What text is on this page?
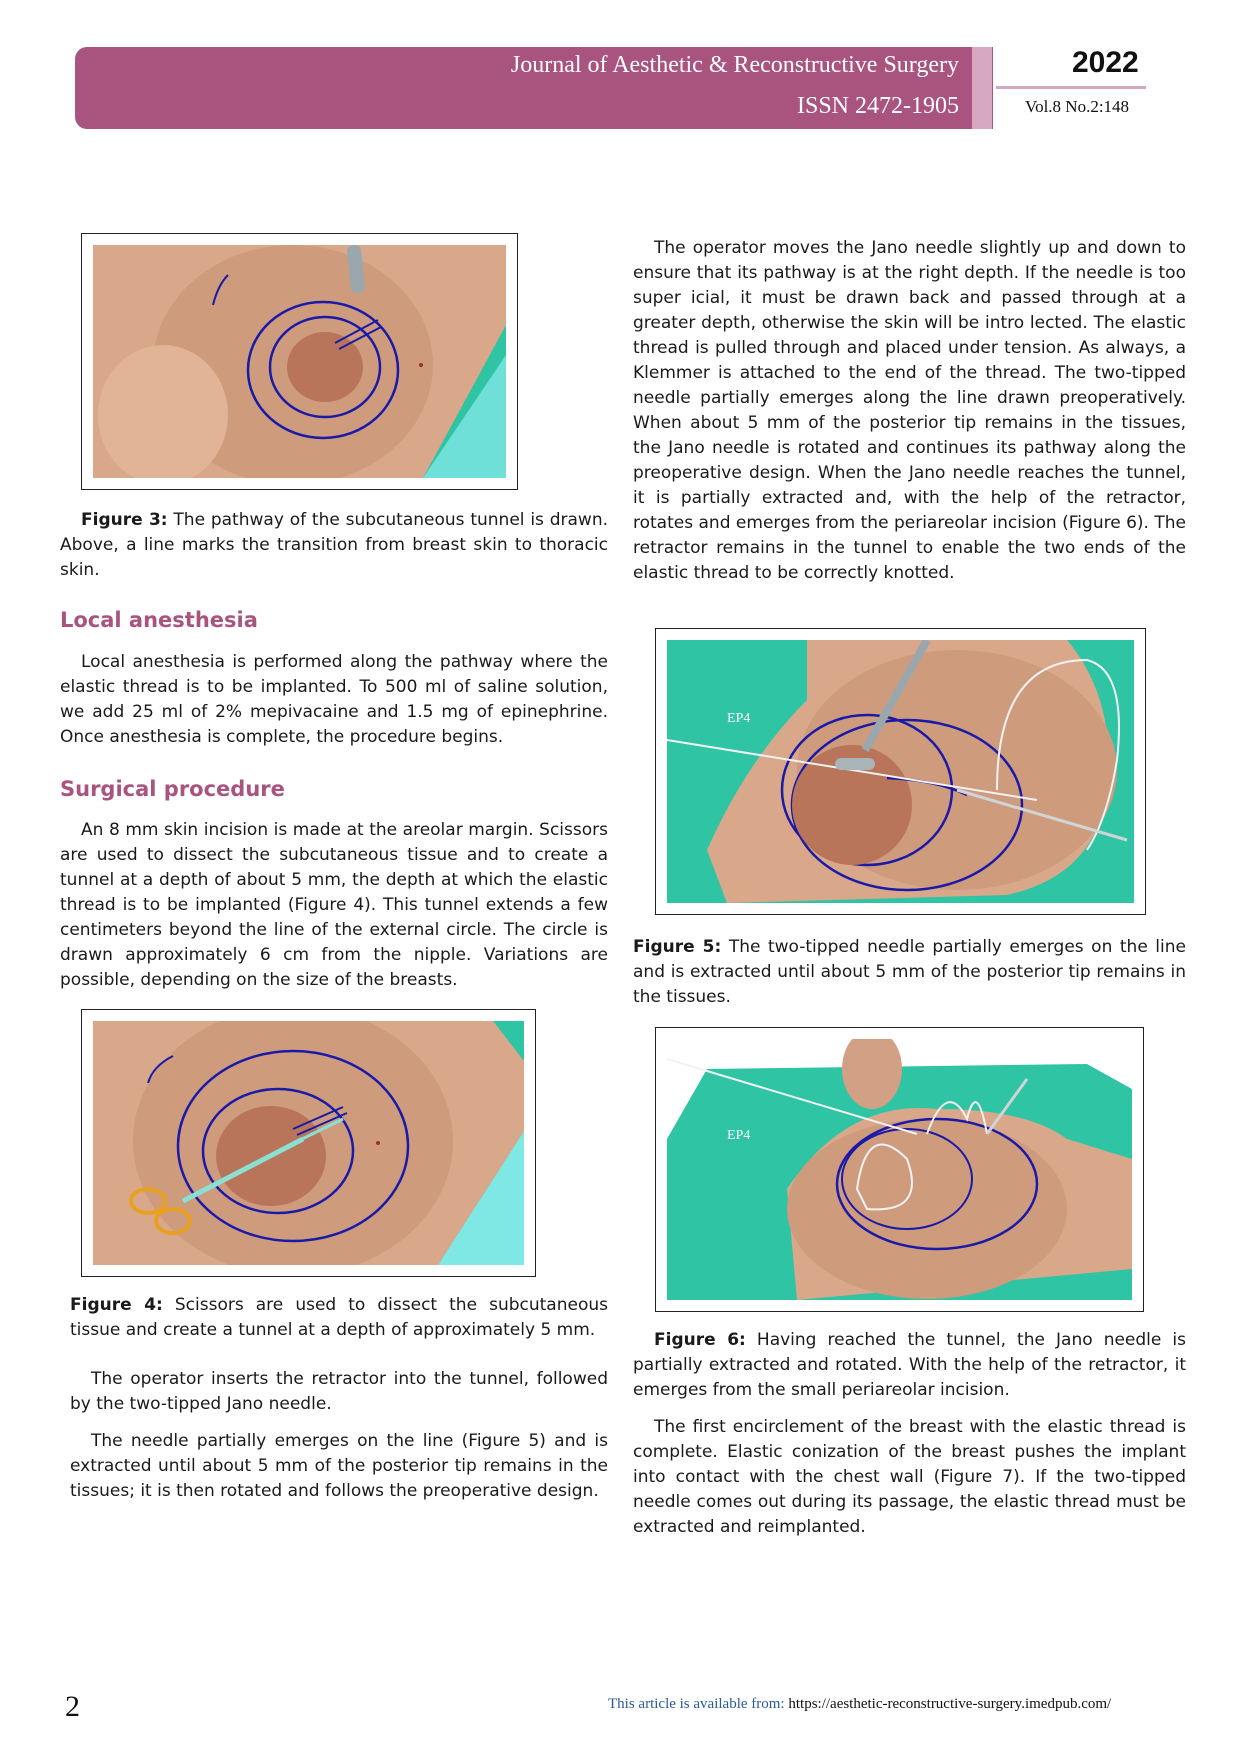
Journal of Aesthetic & Reconstructive Surgery
ISSN 2472-1905
2022
Vol.8 No.2:148

Figure 3: The pathway of the subcutaneous tunnel is drawn. Above, a line marks the transition from breast skin to thoracic skin.

Local anesthesia

Local anesthesia is performed along the pathway where the elastic thread is to be implanted. To 500 ml of saline solution, we add 25 ml of 2% mepivacaine and 1.5 mg of epinephrine. Once anesthesia is complete, the procedure begins.

Surgical procedure

An 8 mm skin incision is made at the areolar margin. Scissors are used to dissect the subcutaneous tissue and to create a tunnel at a depth of about 5 mm, the depth at which the elastic thread is to be implanted (Figure 4). This tunnel extends a few centimeters beyond the line of the external circle. The circle is drawn approximately 6 cm from the nipple. Variations are possible, depending on the size of the breasts.

Figure 4: Scissors are used to dissect the subcutaneous tissue and create a tunnel at a depth of approximately 5 mm.

The operator inserts the retractor into the tunnel, followed by the two-tipped Jano needle.

The needle partially emerges on the line (Figure 5) and is extracted until about 5 mm of the posterior tip remains in the tissues; it is then rotated and follows the preoperative design.

The operator moves the Jano needle slightly up and down to ensure that its pathway is at the right depth. If the needle is too super icial, it must be drawn back and passed through at a greater depth, otherwise the skin will be intro lected. The elastic thread is pulled through and placed under tension. As always, a Klemmer is attached to the end of the thread. The two-tipped needle partially emerges along the line drawn preoperatively. When about 5 mm of the posterior tip remains in the tissues, the Jano needle is rotated and continues its pathway along the preoperative design. When the Jano needle reaches the tunnel, it is partially extracted and, with the help of the retractor, rotates and emerges from the periareolar incision (Figure 6). The retractor remains in the tunnel to enable the two ends of the elastic thread to be correctly knotted.

EP4

Figure 5: The two-tipped needle partially emerges on the line and is extracted until about 5 mm of the posterior tip remains in the tissues.

EP4

Figure 6: Having reached the tunnel, the Jano needle is partially extracted and rotated. With the help of the retractor, it emerges from the small periareolar incision.

The first encirclement of the breast with the elastic thread is complete. Elastic conization of the breast pushes the implant into contact with the chest wall (Figure 7). If the two-tipped needle comes out during its passage, the elastic thread must be extracted and reimplanted.

2	This article is available from: https://aesthetic-reconstructive-surgery.imedpub.com/
